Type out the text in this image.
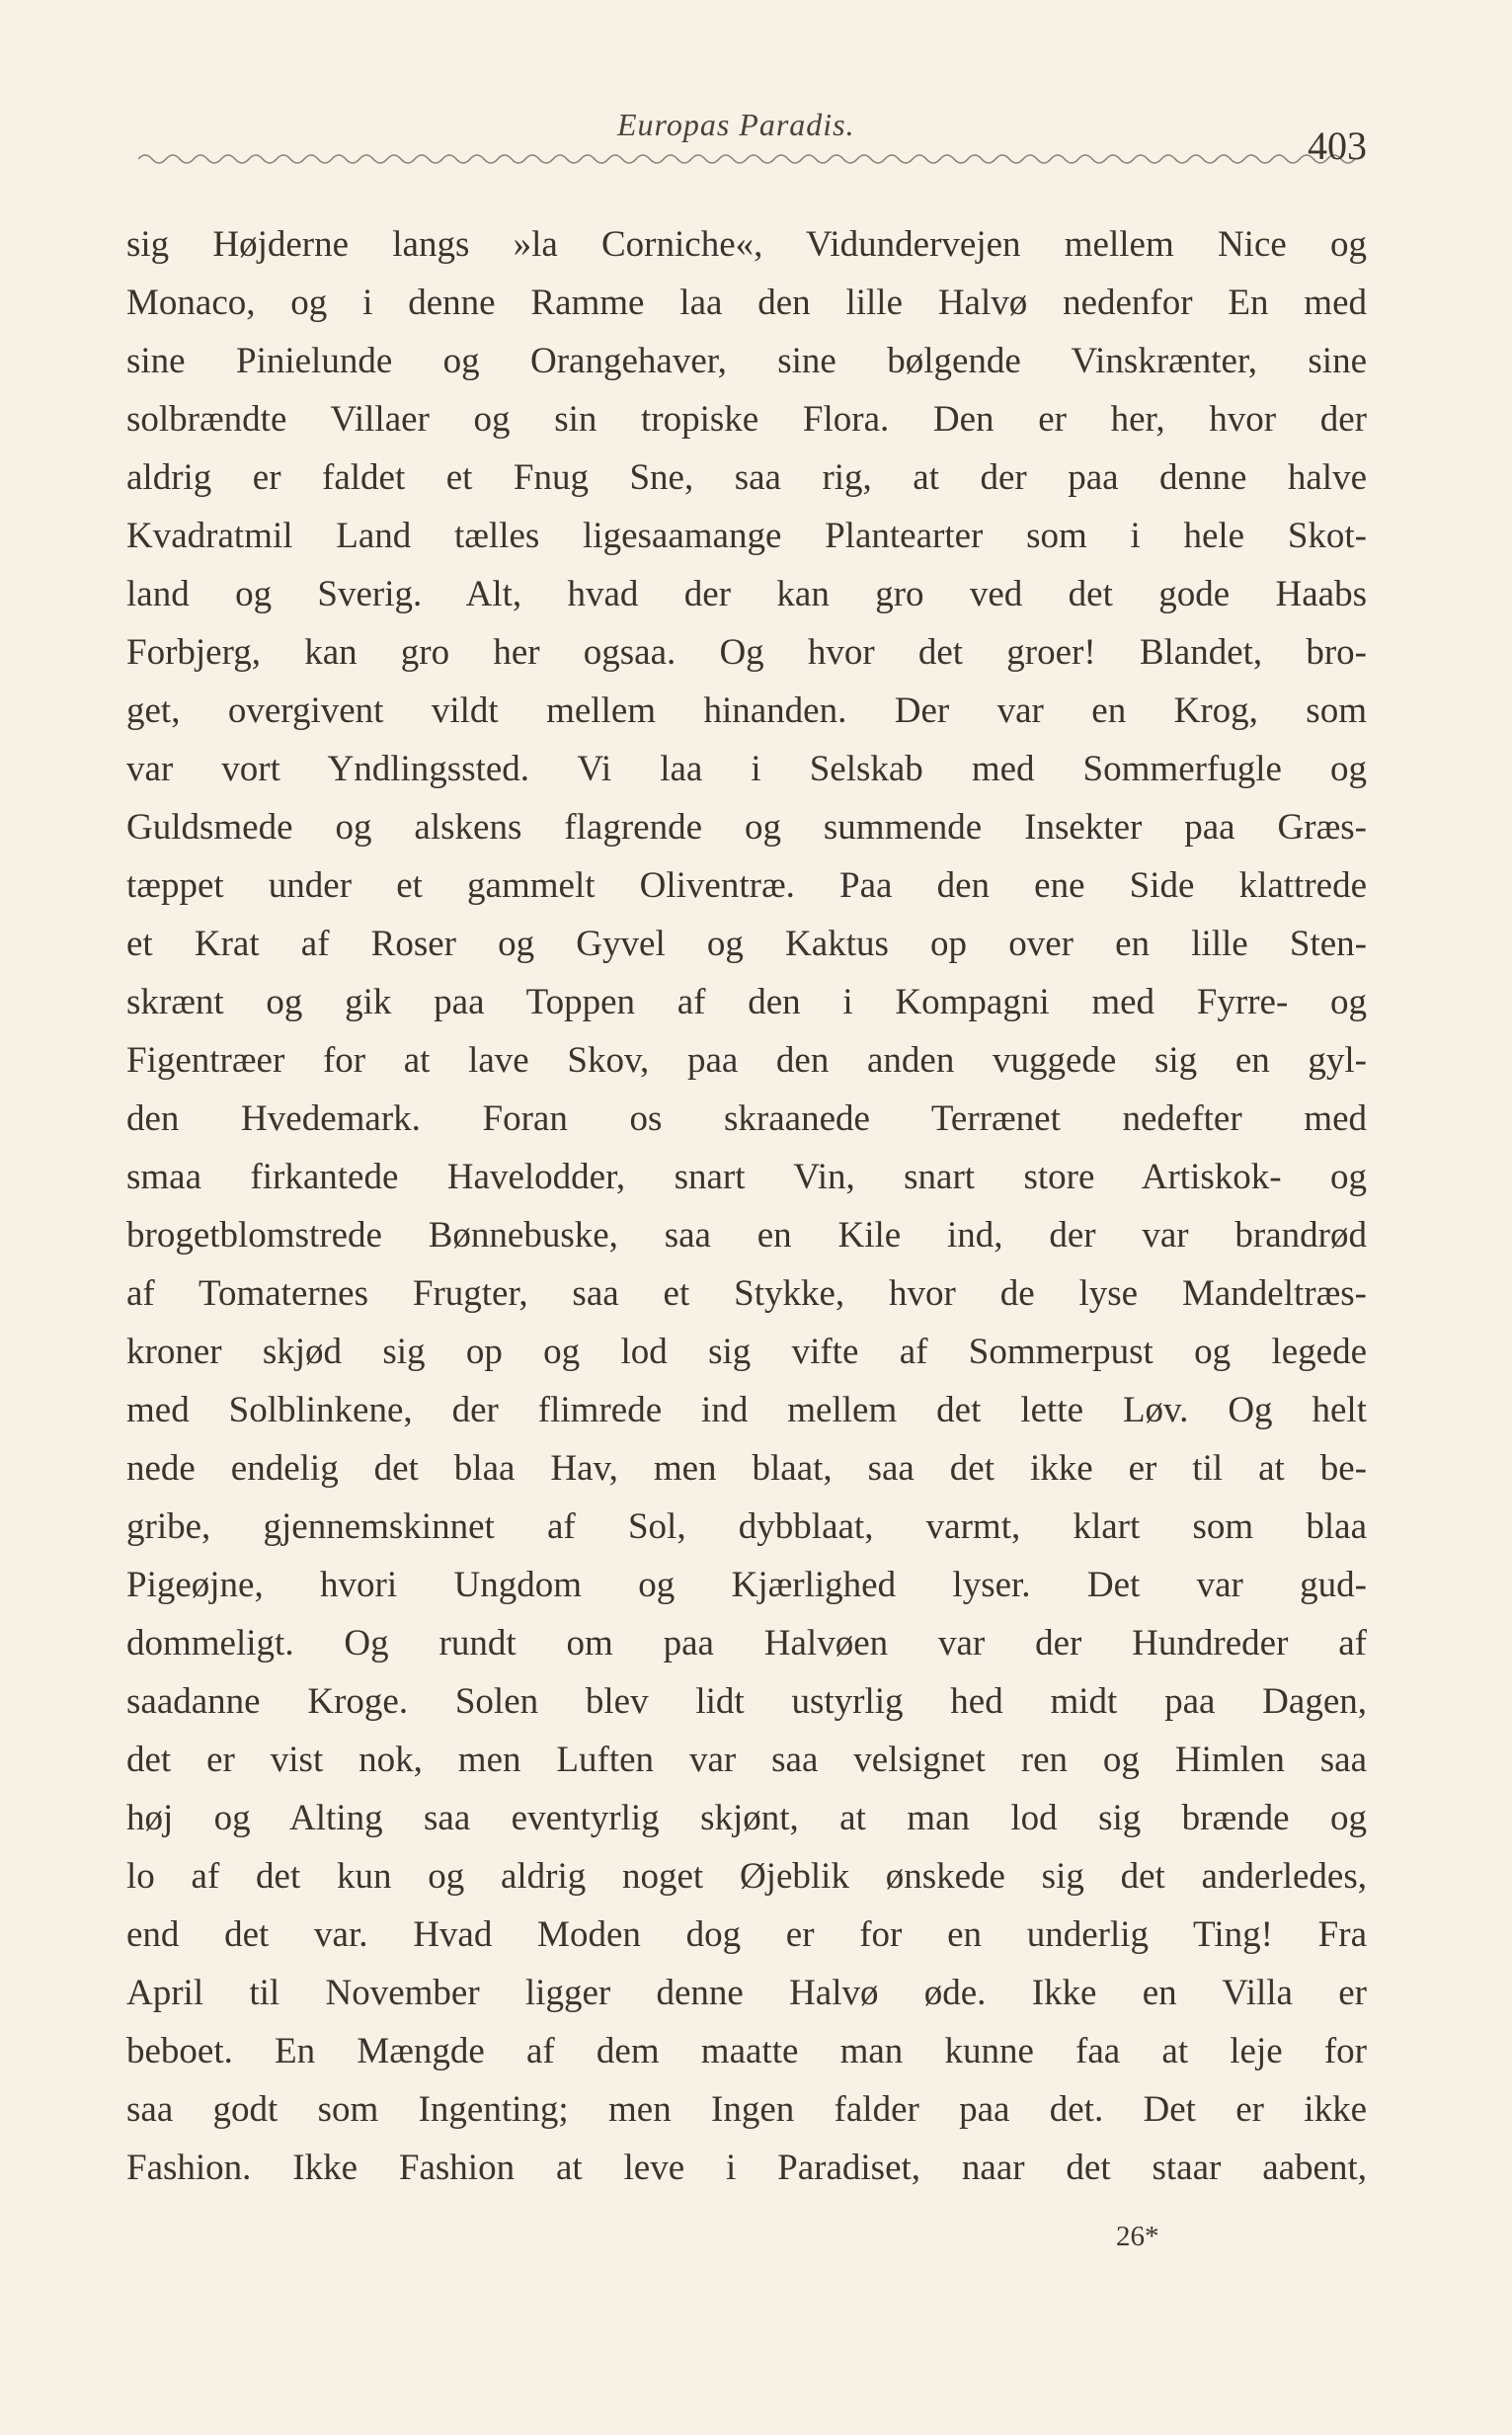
Europas Paradis.	403
sig Højderne langs »la Corniche«, Vidundervejen mellem Nice og
Monaco, og i denne Ramme laa den lille Halvø nedenfor En med
sine Pinielunde og Orangehaver, sine bølgende Vinskrænter, sine
solbrændte Villaer og sin tropiske Flora. Den er her, hvor der
aldrig er faldet et Fnug Sne, saa rig, at der paa denne halve
Kvadratmil Land tælles ligesaamange Plantearter som i hele Skot-
land og Sverig. Alt, hvad der kan gro ved det gode Haabs
Forbjerg, kan gro her ogsaa. Og hvor det groer! Blandet, bro-
get, overgivent vildt mellem hinanden. Der var en Krog, som
var vort Yndlingssted. Vi laa i Selskab med Sommerfugle og
Guldsmede og alskens flagrende og summende Insekter paa Græs-
tæppet under et gammelt Oliventræ. Paa den ene Side klattrede
et Krat af Roser og Gyvel og Kaktus op over en lille Sten-
skrænt og gik paa Toppen af den i Kompagni med Fyrre- og
Figentræer for at lave Skov, paa den anden vuggede sig en gyl-
den Hvedemark. Foran os skraanede Terrænet nedefter med
smaa firkantede Havelodder, snart Vin, snart store Artiskok- og
brogetblomstrede Bønnebuske, saa en Kile ind, der var brandrød
af Tomaternes Frugter, saa et Stykke, hvor de lyse Mandeltræs-
kroner skjød sig op og lod sig vifte af Sommerpust og legede
med Solblinkene, der flimrede ind mellem det lette Løv. Og helt
nede endelig det blaa Hav, men blaat, saa det ikke er til at be-
gribe, gjennemskinnet af Sol, dybblaat, varmt, klart som blaa
Pigeøjne, hvori Ungdom og Kjærlighed lyser. Det var gud-
dommeligt. Og rundt om paa Halvøen var der Hundreder af
saadanne Kroge. Solen blev lidt ustyrlig hed midt paa Dagen,
det er vist nok, men Luften var saa velsignet ren og Himlen saa
høj og Alting saa eventyrlig skjønt, at man lod sig brænde og
lo af det kun og aldrig noget Øjeblik ønskede sig det anderledes,
end det var. Hvad Moden dog er for en underlig Ting! Fra
April til November ligger denne Halvø øde. Ikke en Villa er
beboet. En Mængde af dem maatte man kunne faa at leje for
saa godt som Ingenting; men Ingen falder paa det. Det er ikke
Fashion. Ikke Fashion at leve i Paradiset, naar det staar aabent,
26*
